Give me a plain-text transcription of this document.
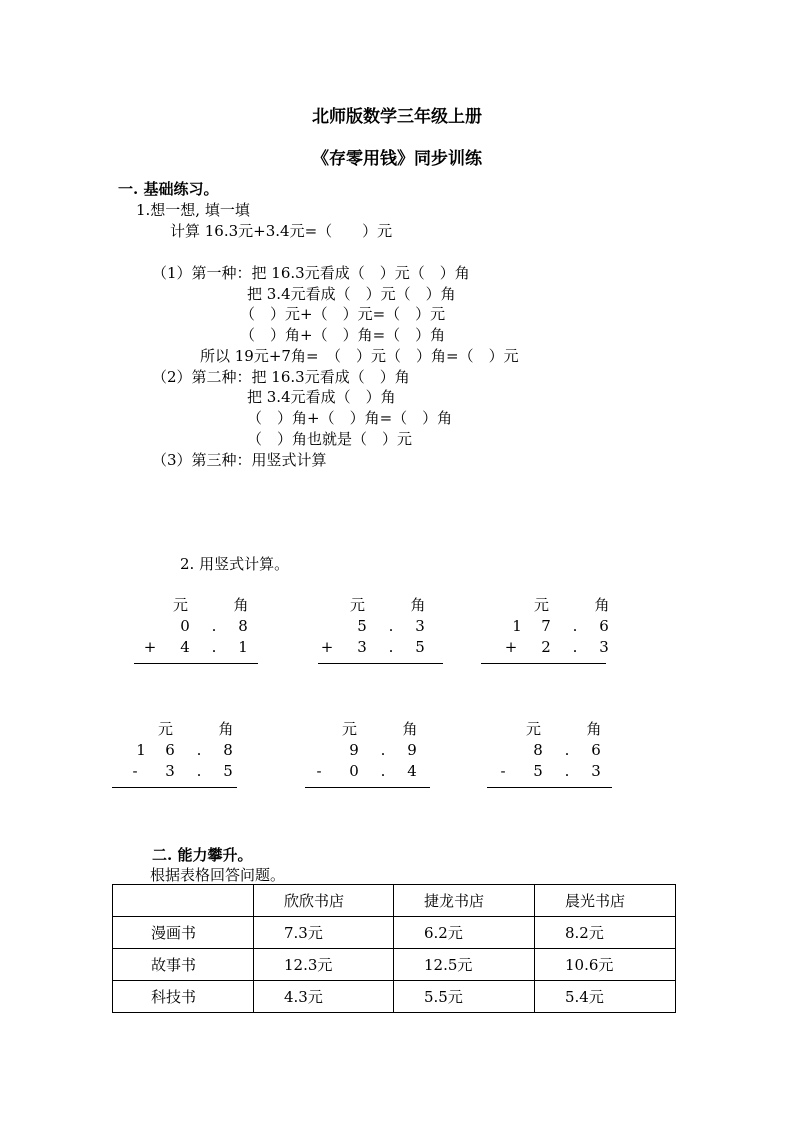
北师版数学三年级上册
《存零用钱》同步训练
一. 基础练习。
1.想一想, 填一填
计算 16.3元+3.4元=（　　）元
（1）第一种：把 16.3元看成（　）元（　）角
把 3.4元看成（　）元（　）角
（　）元+（　）元=（　）元
（　）角+（　）角=（　）角
所以 19元+7角=　（　）元（　）角=（　）元
（2）第二种：把 16.3元看成（　）角
把 3.4元看成（　）角
（　）角+（　）角=（　）角
（　）角也就是（　）元
（3）第三种：用竖式计算
2. 用竖式计算。
元	角
0	.	8
+	4	.	1
元	角
5	.	3
+	3	.	5
元	角
1	7	.	6
+	2	.	3
元	角
1	6	.	8
-	3	.	5
元	角
9	.	9
-	0	.	4
元	角
8	.	6
-	5	.	3
二. 能力攀升。
根据表格回答问题。
	欣欣书店	捷龙书店	晨光书店
漫画书	7.3元	6.2元	8.2元
故事书	12.3元	12.5元	10.6元
科技书	4.3元	5.5元	5.4元
